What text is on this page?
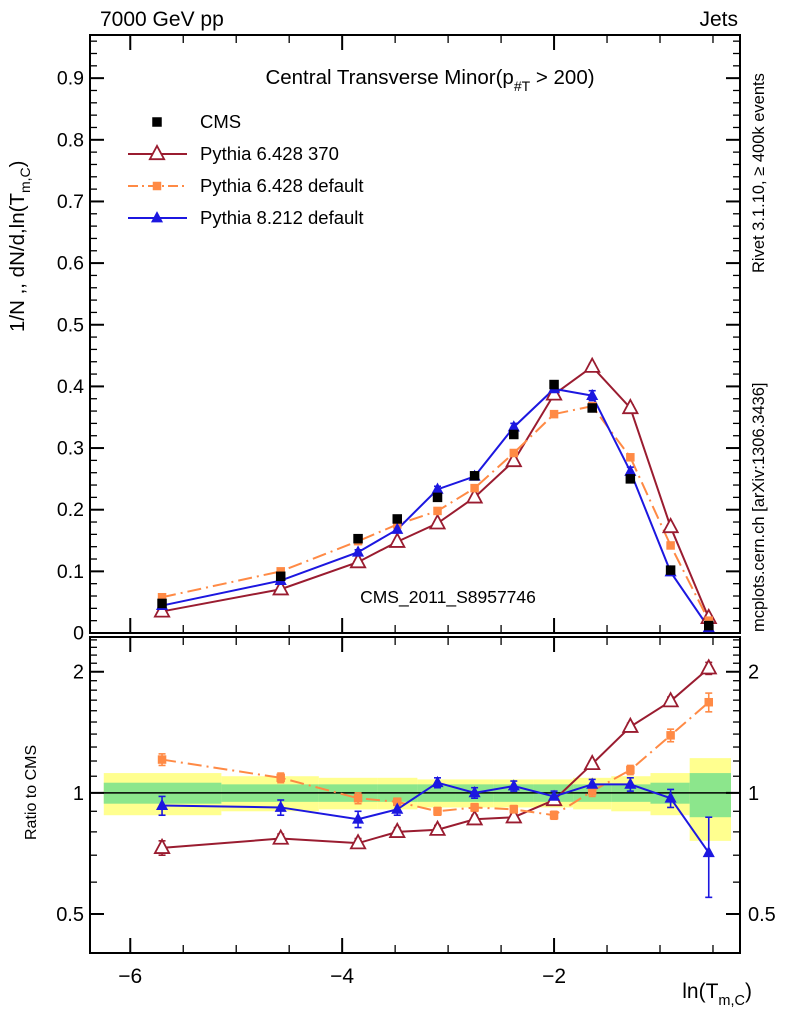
−6	−4	−2
0
0.1
0.2
0.3
0.4
0.5
0.6
0.7
0.8
0.9
0.5	0.5
1	1
2	2
7000 GeV pp	Jets
Central Transverse $Minor(p_{\#T} > 200)$
1/N ,, $dN/d,\ln(T_{m,C})$
Ratio to CMS
$\ln(T_{m,C})$
Rivet 3.1.10, ≥ 400k events
mcplots.cern.ch [arXiv:1306.3436]
CMS_2011_S8957746
CMS
Pythia 6.428 370
Pythia 6.428 default
Pythia 8.212 default
